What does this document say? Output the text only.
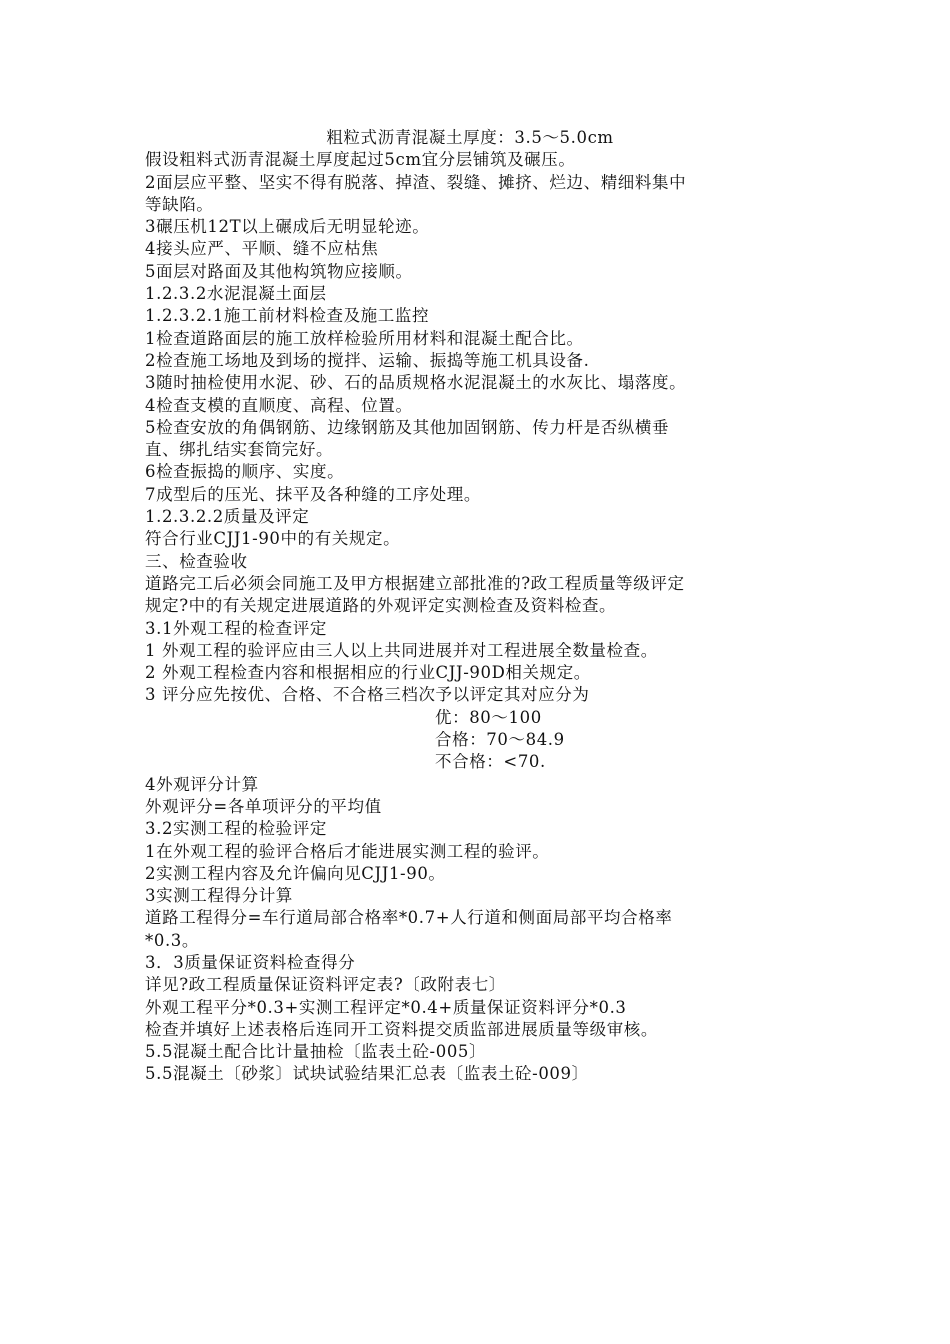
粗粒式沥青混凝土厚度：3.5～5.0cm
假设粗料式沥青混凝土厚度起过5cm宜分层铺筑及碾压。
2面层应平整、坚实不得有脱落、掉渣、裂缝、摊挤、烂边、精细料集中
等缺陷。
3碾压机12T以上碾成后无明显轮迹。
4接头应严、平顺、缝不应枯焦
5面层对路面及其他构筑物应接顺。
1.2.3.2水泥混凝土面层
1.2.3.2.1施工前材料检查及施工监控
1检查道路面层的施工放样检验所用材料和混凝土配合比。
2检查施工场地及到场的搅拌、运输、振捣等施工机具设备.
3随时抽检使用水泥、砂、石的品质规格水泥混凝土的水灰比、塌落度。
4检查支模的直顺度、高程、位置。
5检查安放的角偶钢筋、边缘钢筋及其他加固钢筋、传力杆是否纵横垂
直、绑扎结实套筒完好。
6检查振捣的顺序、实度。
7成型后的压光、抹平及各种缝的工序处理。
1.2.3.2.2质量及评定
符合行业CJJ1-90中的有关规定。
三、检查验收
道路完工后必须会同施工及甲方根据建立部批准的?政工程质量等级评定
规定?中的有关规定进展道路的外观评定实测检查及资料检查。
3.1外观工程的检查评定
1 外观工程的验评应由三人以上共同进展并对工程进展全数量检查。
2 外观工程检查内容和根据相应的行业CJJ-90D相关规定。
3 评分应先按优、合格、不合格三档次予以评定其对应分为
优：80～100
合格：70～84.9
不合格：<70.
4外观评分计算
外观评分=各单项评分的平均值
3.2实测工程的检验评定
1在外观工程的验评合格后才能进展实测工程的验评。
2实测工程内容及允许偏向见CJJ1-90。
3实测工程得分计算
道路工程得分=车行道局部合格率*0.7+人行道和侧面局部平均合格率
*0.3。
3．3质量保证资料检查得分
详见?政工程质量保证资料评定表?〔政附表七〕
外观工程平分*0.3+实测工程评定*0.4+质量保证资料评分*0.3
检查并填好上述表格后连同开工资料提交质监部进展质量等级审核。
5.5混凝土配合比计量抽检〔监表土砼-005〕
5.5混凝土〔砂浆〕试块试验结果汇总表〔监表土砼-009〕
